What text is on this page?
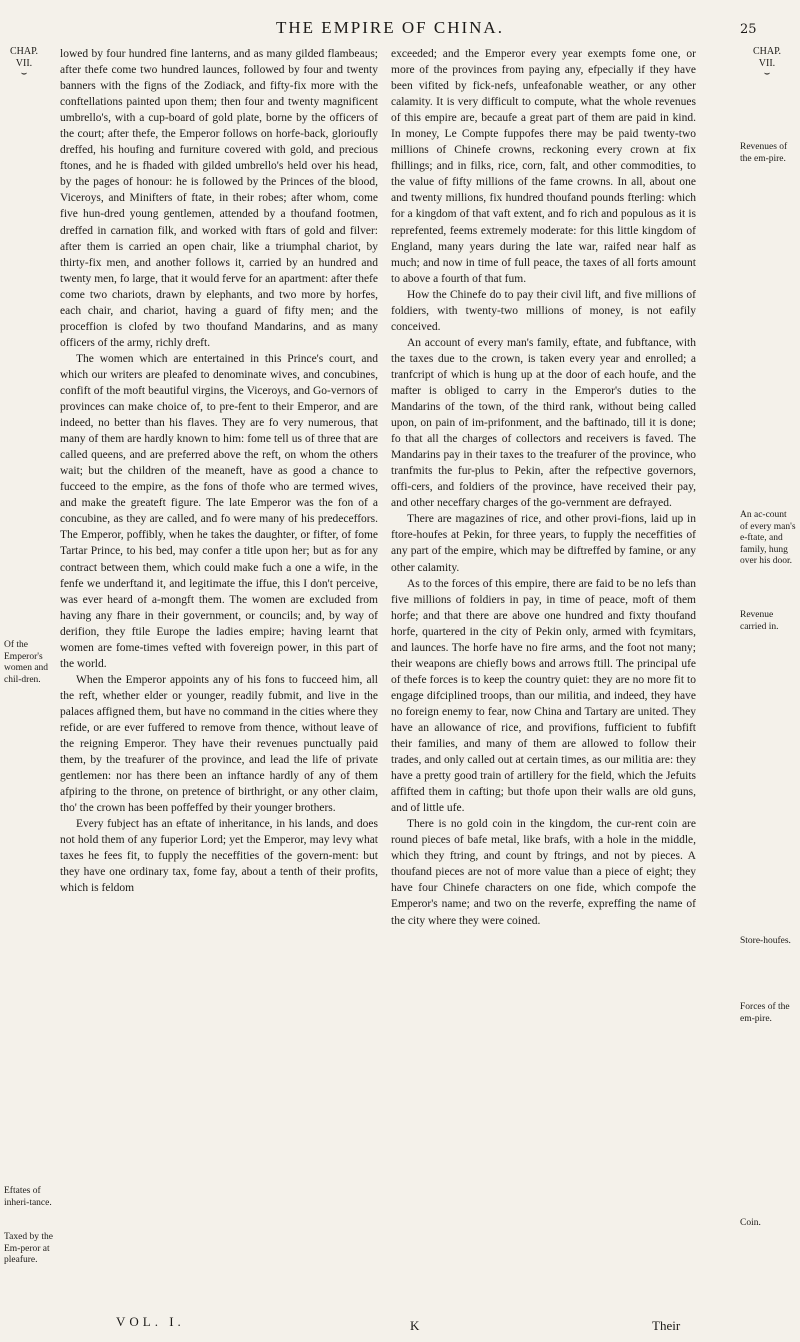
THE EMPIRE OF CHINA.	25
CHAP.
VII.
⌣
CHAP.
VII.
⌣

lowed by four hundred fine lanterns, and as many gilded flambeaus; after thefe come two hundred launces, followed by four and twenty banners with the figns of the Zodiack, and fifty-fix more with the conftellations painted upon them; then four and twenty magnificent umbrello's, with a cup-board of gold plate, borne by the officers of the court; after thefe, the Emperor follows on horfe-back, glorioufly dreffed, his houfing and furniture covered with gold, and precious ftones, and he is fhaded with gilded umbrello's held over his head, by the pages of honour: he is followed by the Princes of the blood, Viceroys, and Minifters of ftate, in their robes; after whom, come five hun-dred young gentlemen, attended by a thoufand footmen, dreffed in carnation filk, and worked with ftars of gold and filver: after them is carried an open chair, like a triumphal chariot, by thirty-fix men, and another follows it, carried by an hundred and twenty men, fo large, that it would ferve for an apartment: after thefe come two chariots, drawn by elephants, and two more by horfes, each chair, and chariot, having a guard of fifty men; and the proceffion is clofed by two thoufand Mandarins, and as many officers of the army, richly dreft.

The women which are entertained in this Prince's court, and which our writers are pleafed to denominate wives, and concubines, confift of the moft beautiful virgins, the Viceroys, and Go-vernors of provinces can make choice of, to pre-fent to their Emperor, and are indeed, no better than his flaves. They are fo very numerous, that many of them are hardly known to him: fome tell us of three that are called queens, and are preferred above the reft, on whom the others wait; but the children of the meaneft, have as good a chance to fucceed to the empire, as the fons of thofe who are termed wives, and make the greateft figure. The late Emperor was the fon of a concubine, as they are called, and fo were many of his predeceffors. The Emperor, poffibly, when he takes the daughter, or fifter, of fome Tartar Prince, to his bed, may confer a title upon her; but as for any contract between them, which could make fuch a one a wife, in the fenfe we underftand it, and legitimate the iffue, this I don't perceive, was ever heard of a-mongft them. The women are excluded from having any fhare in their government, or councils; and, by way of derifion, they ftile Europe the ladies empire; having learnt that women are fome-times vefted with fovereign power, in this part of the world.

When the Emperor appoints any of his fons to fucceed him, all the reft, whether elder or younger, readily fubmit, and live in the palaces affigned them, but have no command in the cities where they refide, or are ever fuffered to remove from thence, without leave of the reigning Emperor. They have their revenues punctually paid them, by the treafurer of the province, and lead the life of private gentlemen: nor has there been an inftance hardly of any of them afpiring to the throne, on pretence of birthright, or any other claim, tho' the crown has been poffeffed by their younger brothers.

Every fubject has an eftate of inheritance, in his lands, and does not hold them of any fuperior Lord; yet the Emperor, may levy what taxes he fees fit, to fupply the neceffities of the govern-ment: but they have one ordinary tax, fome fay, about a tenth of their profits, which is feldom

exceeded; and the Emperor every year exempts fome one, or more of the provinces from paying any, efpecially if they have been vifited by fick-nefs, unfeafonable weather, or any other calamity. It is very difficult to compute, what the whole revenues of this empire are, becaufe a great part of them are paid in kind. In money, Le Compte fuppofes there may be paid twenty-two millions of Chinefe crowns, reckoning every crown at fix fhillings; and in filks, rice, corn, falt, and other commodities, to the value of fifty millions of the fame crowns. In all, about one and twenty millions, fix hundred thoufand pounds fterling: which for a kingdom of that vaft extent, and fo rich and populous as it is reprefented, feems extremely moderate: for this little kingdom of England, many years during the late war, raifed near half as much; and now in time of full peace, the taxes of all forts amount to above a fourth of that fum.

How the Chinefe do to pay their civil lift, and five millions of foldiers, with twenty-two millions of money, is not eafily conceived.

An account of every man's family, eftate, and fubftance, with the taxes due to the crown, is taken every year and enrolled; a tranfcript of which is hung up at the door of each houfe, and the mafter is obliged to carry in the Emperor's duties to the Mandarins of the town, of the third rank, without being called upon, on pain of im-prifonment, and the baftinado, till it is done; fo that all the charges of collectors and receivers is faved. The Mandarins pay in their taxes to the treafurer of the province, who tranfmits the fur-plus to Pekin, after the refpective governors, offi-cers, and foldiers of the province, have received their pay, and other neceffary charges of the go-vernment are defrayed.

There are magazines of rice, and other provi-fions, laid up in ftore-houfes at Pekin, for three years, to fupply the neceffities of any part of the empire, which may be diftreffed by famine, or any other calamity.

As to the forces of this empire, there are faid to be no lefs than five millions of foldiers in pay, in time of peace, moft of them horfe; and that there are above one hundred and fixty thoufand horfe, quartered in the city of Pekin only, armed with fcymitars, and launces. The horfe have no fire arms, and the foot not many; their weapons are chiefly bows and arrows ftill. The principal ufe of thefe forces is to keep the country quiet: they are no more fit to engage difciplined troops, than our militia, and indeed, they have no foreign enemy to fear, now China and Tartary are united. They have an allowance of rice, and provifions, fufficient to fubfift their families, and many of them are allowed to follow their trades, and only called out at certain times, as our militia are: they have a pretty good train of artillery for the field, which the Jefuits affifted them in cafting; but thofe upon their walls are old guns, and of little ufe.

There is no gold coin in the kingdom, the cur-rent coin are round pieces of bafe metal, like brafs, with a hole in the middle, which they ftring, and count by ftrings, and not by pieces. A thoufand pieces are not of more value than a piece of eight; they have four Chinefe characters on one fide, which compofe the Emperor's name; and two on the reverfe, expreffing the name of the city where they were coined.

Of the Emperor's women and chil-dren.
Eftates of inheri-tance.
Taxed by the Em-peror at pleafure.
Revenues of the em-pire.
An ac-count of every man's e-ftate, and family, hung over his door.
Revenue carried in.
Store-houfes.
Forces of the em-pire.
Coin.
VOL. I.	K	Their
